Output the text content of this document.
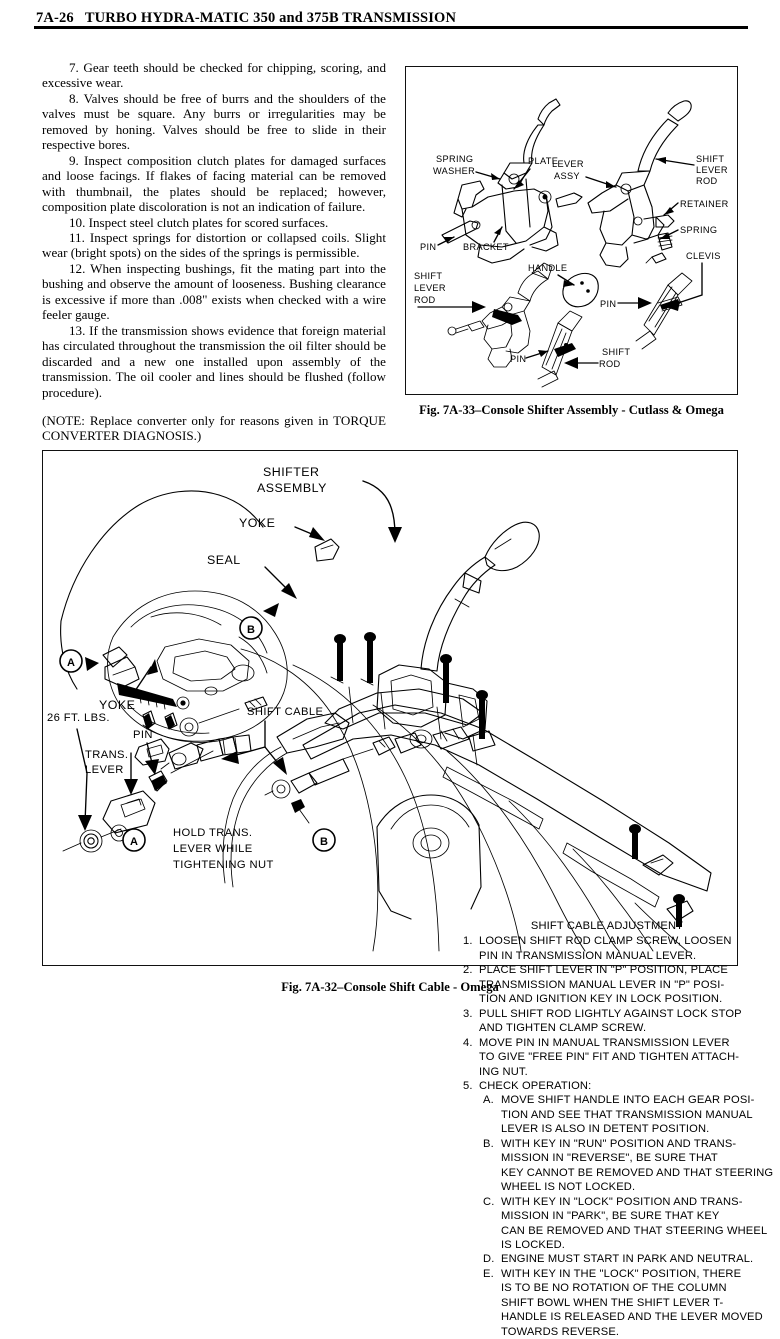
7A-26 TURBO HYDRA-MATIC 350 and 375B TRANSMISSION

7. Gear teeth should be checked for chipping, scoring, and excessive wear.

8. Valves should be free of burrs and the shoulders of the valves must be square. Any burrs or irregularities may be removed by honing. Valves should be free to slide in their respective bores.

9. Inspect composition clutch plates for damaged surfaces and loose facings. If flakes of facing material can be removed with thumbnail, the plates should be replaced; however, composition plate discoloration is not an indication of failure.

10. Inspect steel clutch plates for scored surfaces.

11. Inspect springs for distortion or collapsed coils. Slight wear (bright spots) on the sides of the springs is permissible.

12. When inspecting bushings, fit the mating part into the bushing and observe the amount of looseness. Bushing clearance is excessive if more than .008" exists when checked with a wire feeler gauge.

13. If the transmission shows evidence that foreign material has circulated throughout the transmission the oil filter should be discarded and a new one installed upon assembly of the transmission. The oil cooler and lines should be flushed (follow procedure).

(NOTE: Replace converter only for reasons given in TORQUE CONVERTER DIAGNOSIS.)

SPRING
WASHER
PLATE
PIN	BRACKET
LEVER
ASSY
SHIFT
LEVER
ROD
RETAINER
SPRING
SHIFT
LEVER
ROD
HANDLE
PIN
SHIFT
ROD
CLEVIS
PIN
Fig. 7A-33–Console Shifter Assembly - Cutlass & Omega
SHIFTER
ASSEMBLY
YOKE
SEAL
YOKE
A
B
26 FT. LBS.
TRANS.
LEVER
PIN
SHIFT CABLE
HOLD TRANS.
LEVER WHILE
TIGHTENING NUT
A	B
SHIFT CABLE ADJUSTMENT
1. LOOSEN SHIFT ROD CLAMP SCREW, LOOSEN
PIN IN TRANSMISSION MANUAL LEVER.
2. PLACE SHIFT LEVER IN "P" POSITION, PLACE
TRANSMISSION MANUAL LEVER IN "P" POSI-
TION AND IGNITION KEY IN LOCK POSITION.
3. PULL SHIFT ROD LIGHTLY AGAINST LOCK STOP
AND TIGHTEN CLAMP SCREW.
4. MOVE PIN IN MANUAL TRANSMISSION LEVER
TO GIVE "FREE PIN" FIT AND TIGHTEN ATTACH-
ING NUT.
5. CHECK OPERATION:
A. MOVE SHIFT HANDLE INTO EACH GEAR POSI-
TION AND SEE THAT TRANSMISSION MANUAL
LEVER IS ALSO IN DETENT POSITION.
B. WITH KEY IN "RUN" POSITION AND TRANS-
MISSION IN "REVERSE", BE SURE THAT
KEY CANNOT BE REMOVED AND THAT STEERING
WHEEL IS NOT LOCKED.
C. WITH KEY IN "LOCK" POSITION AND TRANS-
MISSION IN "PARK", BE SURE THAT KEY
CAN BE REMOVED AND THAT STEERING WHEEL
IS LOCKED.
D. ENGINE MUST START IN PARK AND NEUTRAL.
E. WITH KEY IN THE "LOCK" POSITION, THERE
IS TO BE NO ROTATION OF THE COLUMN
SHIFT BOWL WHEN THE SHIFT LEVER T-
HANDLE IS RELEASED AND THE LEVER MOVED
TOWARDS REVERSE.
Fig. 7A-32–Console Shift Cable - Omega
